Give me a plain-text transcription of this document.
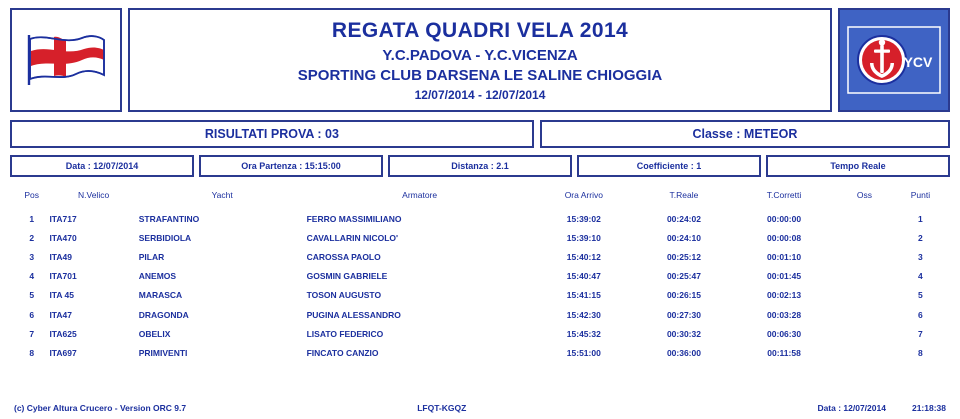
REGATA QUADRI VELA 2014
Y.C.PADOVA - Y.C.VICENZA
SPORTING CLUB DARSENA LE SALINE CHIOGGIA
12/07/2014 - 12/07/2014
YCV
RISULTATI PROVA : 03	Classe : METEOR
Data : 12/07/2014	Ora Partenza : 15:15:00	Distanza : 2.1	Coefficiente : 1	Tempo Reale
Pos	N.Velico	Yacht	Armatore	Ora Arrivo	T.Reale	T.Corretti	Oss	Punti
1	ITA717	STRAFANTINO	FERRO MASSIMILIANO	15:39:02	00:24:02	00:00:00		1
2	ITA470	SERBIDIOLA	CAVALLARIN NICOLO'	15:39:10	00:24:10	00:00:08		2
3	ITA49	PILAR	CAROSSA PAOLO	15:40:12	00:25:12	00:01:10		3
4	ITA701	ANEMOS	GOSMIN GABRIELE	15:40:47	00:25:47	00:01:45		4
5	ITA 45	MARASCA	TOSON AUGUSTO	15:41:15	00:26:15	00:02:13		5
6	ITA47	DRAGONDA	PUGINA ALESSANDRO	15:42:30	00:27:30	00:03:28		6
7	ITA625	OBELIX	LISATO FEDERICO	15:45:32	00:30:32	00:06:30		7
8	ITA697	PRIMIVENTI	FINCATO CANZIO	15:51:00	00:36:00	00:11:58		8
(c) Cyber Altura Crucero - Version ORC 9.7	LFQT-KGQZ	Data : 12/07/2014	21:18:38
